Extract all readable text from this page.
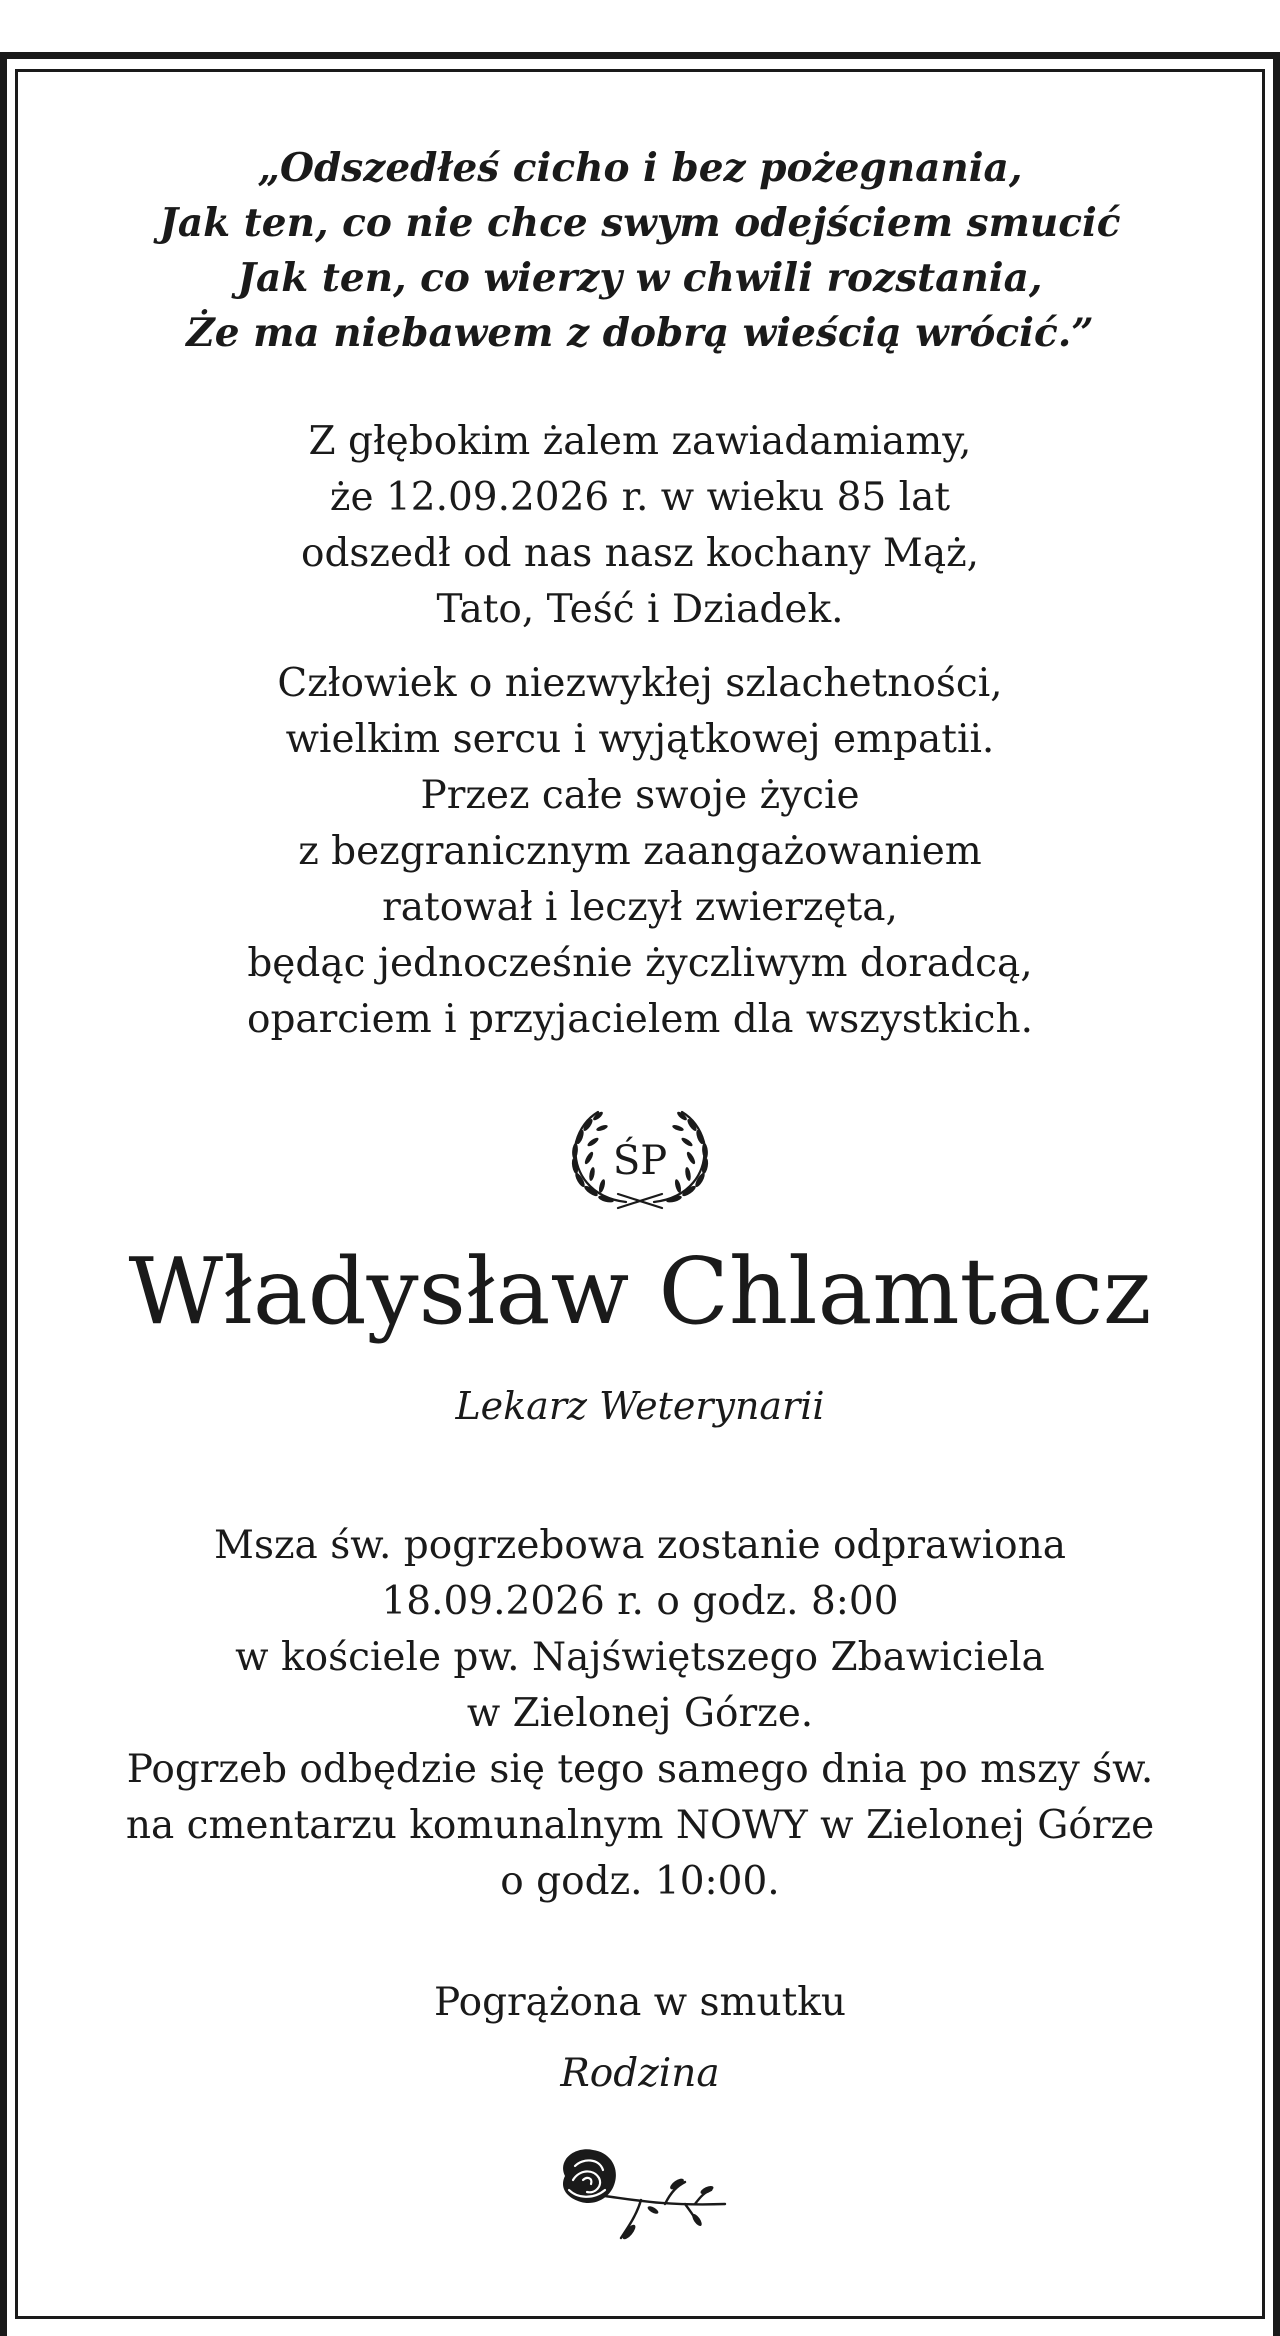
„Odszedłeś cicho i bez pożegnania,
Jak ten, co nie chce swym odejściem smucić
Jak ten, co wierzy w chwili rozstania,
Że ma niebawem z dobrą wieścią wrócić.”
Z głębokim żalem zawiadamiamy,
że 12.09.2026 r. w wieku 85 lat
odszedł od nas nasz kochany Mąż,
Tato, Teść i Dziadek.
Człowiek o niezwykłej szlachetności,
wielkim sercu i wyjątkowej empatii.
Przez całe swoje życie
z bezgranicznym zaangażowaniem
ratował i leczył zwierzęta,
będąc jednocześnie życzliwym doradcą,
oparciem i przyjacielem dla wszystkich.
ŚP
Władysław Chlamtacz
Lekarz Weterynarii
Msza św. pogrzebowa zostanie odprawiona
18.09.2026 r. o godz. 8:00
w kościele pw. Najświętszego Zbawiciela
w Zielonej Górze.
Pogrzeb odbędzie się tego samego dnia po mszy św.
na cmentarzu komunalnym NOWY w Zielonej Górze
o godz. 10:00.
Pogrążona w smutku
Rodzina
